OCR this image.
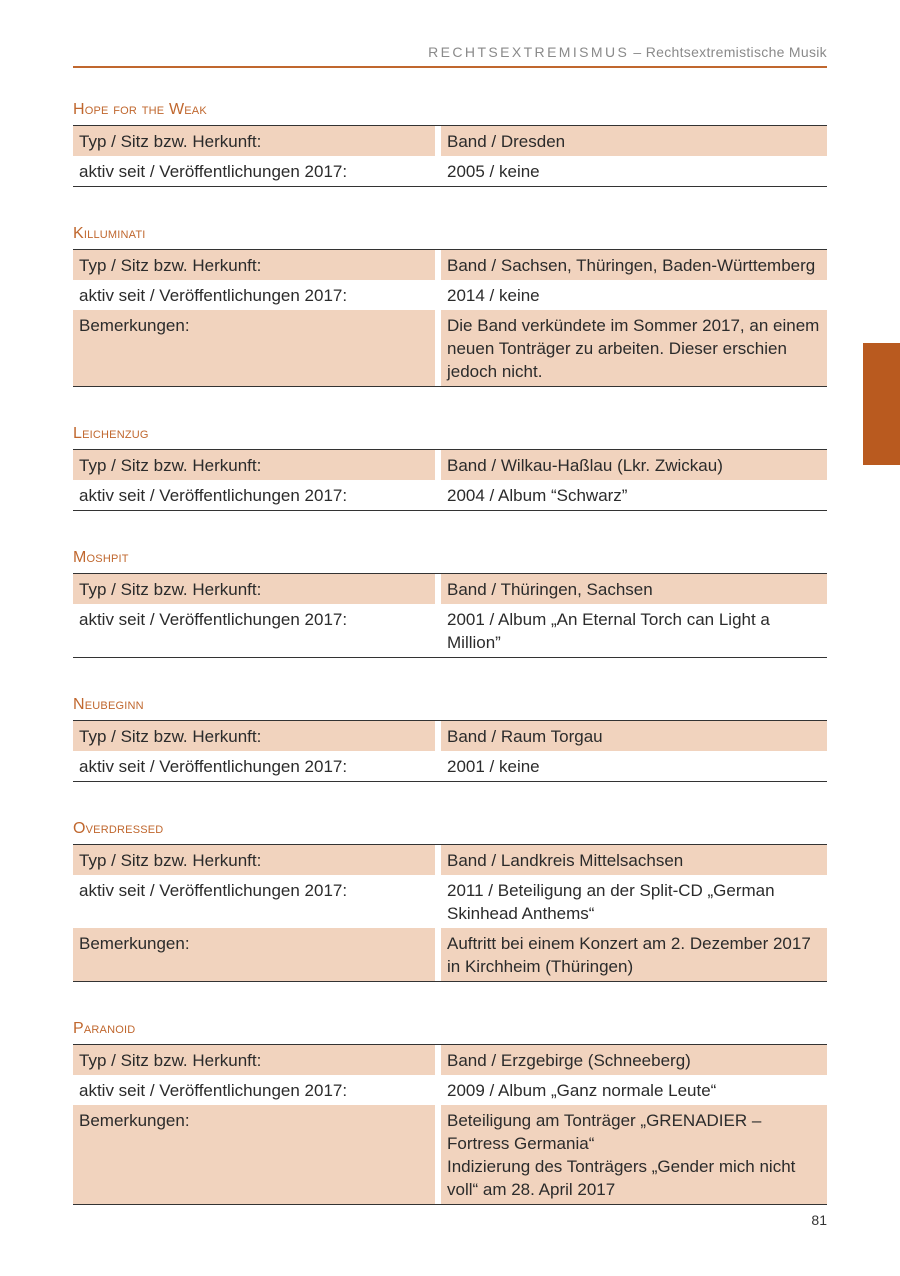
RECHTSEXTREMISMUS – Rechtsextremistische Musik
Hope for the Weak
Typ / Sitz bzw. Herkunft:		Band / Dresden
aktiv seit / Veröffentlichungen 2017:		2005 / keine
Killuminati
Typ / Sitz bzw. Herkunft:		Band / Sachsen, Thüringen, Baden-Württemberg
aktiv seit / Veröffentlichungen 2017:		2014 / keine
Bemerkungen:		Die Band verkündete im Sommer 2017, an einem neuen Tonträger zu arbeiten. Dieser erschien jedoch nicht.
Leichenzug
Typ / Sitz bzw. Herkunft:		Band / Wilkau-Haßlau (Lkr. Zwickau)
aktiv seit / Veröffentlichungen 2017:		2004 / Album “Schwarz”
Moshpit
Typ / Sitz bzw. Herkunft:		Band / Thüringen, Sachsen
aktiv seit / Veröffentlichungen 2017:		2001 / Album „An Eternal Torch can Light a Million”
Neubeginn
Typ / Sitz bzw. Herkunft:		Band / Raum Torgau
aktiv seit / Veröffentlichungen 2017:		2001 / keine
Overdressed
Typ / Sitz bzw. Herkunft:		Band / Landkreis Mittelsachsen
aktiv seit / Veröffentlichungen 2017:		2011 / Beteiligung an der Split-CD „German Skinhead Anthems“
Bemerkungen:		Auftritt bei einem Konzert am 2. Dezember 2017 in Kirchheim (Thüringen)
Paranoid
Typ / Sitz bzw. Herkunft:		Band / Erzgebirge (Schneeberg)
aktiv seit / Veröffentlichungen 2017:		2009 / Album „Ganz normale Leute“
Bemerkungen:		Beteiligung am Tonträger „GRENADIER – Fortress Germania“
Indizierung des Tonträgers „Gender mich nicht voll“ am 28. April 2017
81
